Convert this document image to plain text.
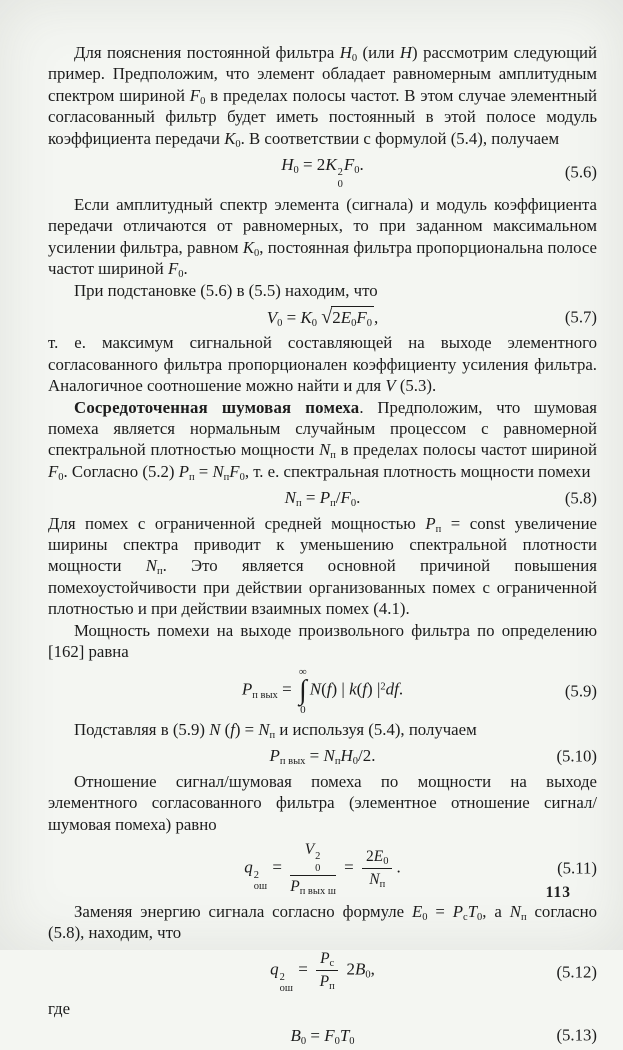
Для пояснения постоянной фильтра $H_0$ (или H) рассмотрим следующий пример. Предположим, что элемент обладает равномерным амплитудным спектром шириной $F_0$ в пределах полосы частот. В этом случае элементный согласованный фильтр будет иметь постоянный в этой полосе модуль коэффициента передачи $K_0$. В соответствии с формулой (5.4), получаем
$H_0 = 2K$ 2
0
$F_0$.	(5.6)
Если амплитудный спектр элемента (сигнала) и модуль коэффициента передачи отличаются от равномерных, то при заданном максимальном усилении фильтра, равном $K_0$, постоянная фильтра пропорциональна полосе частот шириной $F_0$.
При подстановке (5.6) в (5.5) находим, что
$V_0 = K_0$ $√2E_0F_0$ ,	(5.7)
т. е. максимум сигнальной составляющей на выходе элементного согласованного фильтра пропорционален коэффициенту усиления фильтра. Аналогичное соотношение можно найти и для V (5.3).
Сосредоточенная шумовая помеха. Предположим, что шумовая помеха является нормальным случайным процессом с равномерной спектральной плотностью мощности $N_п$ в пределах полосы частот шириной $F_0$. Согласно (5.2) $P_п = N_пF_0$, т. е. спектральная плотность мощности помехи
$N_п = P_п/F_0$.	(5.8)
Для помех с ограниченной средней мощностью $P_п$ = const увеличение ширины спектра приводит к уменьшению спектральной плотности мощности $N_п$. Это является основной причиной повышения помехоустойчивости при действии организованных помех с ограниченной плотностью и при действии взаимных помех (4.1).
Мощность помехи на выходе произвольного фильтра по определению [162] равна
$P_{п вых}$ =
∞
∫
0
N(f) | k(f) $|^2df$.	(5.9)
Подставляя в (5.9) N $(f) = N_п$ и используя (5.4), получаем
$P_{п вых} = N_пH_0/2$.	(5.10)
Отношение сигнал/шумовая помеха по мощности на выходе элементного согласованного фильтра (элементное отношение сигнал/шумовая помеха) равно
q 2
ош
= V 2
0
$P_{п вых ш} = \frac{2E_0}{N_п}$ .	(5.11)
Заменяя энергию сигнала согласно формуле $E_0 = P_сT_0$, а $N_п$ согласно (5.8), находим, что
q 2
ош
= $\frac{P_с}{P_п} 2B_0$,	(5.12)
где
$B_0 = F_0T_0$	(5.13)
113
